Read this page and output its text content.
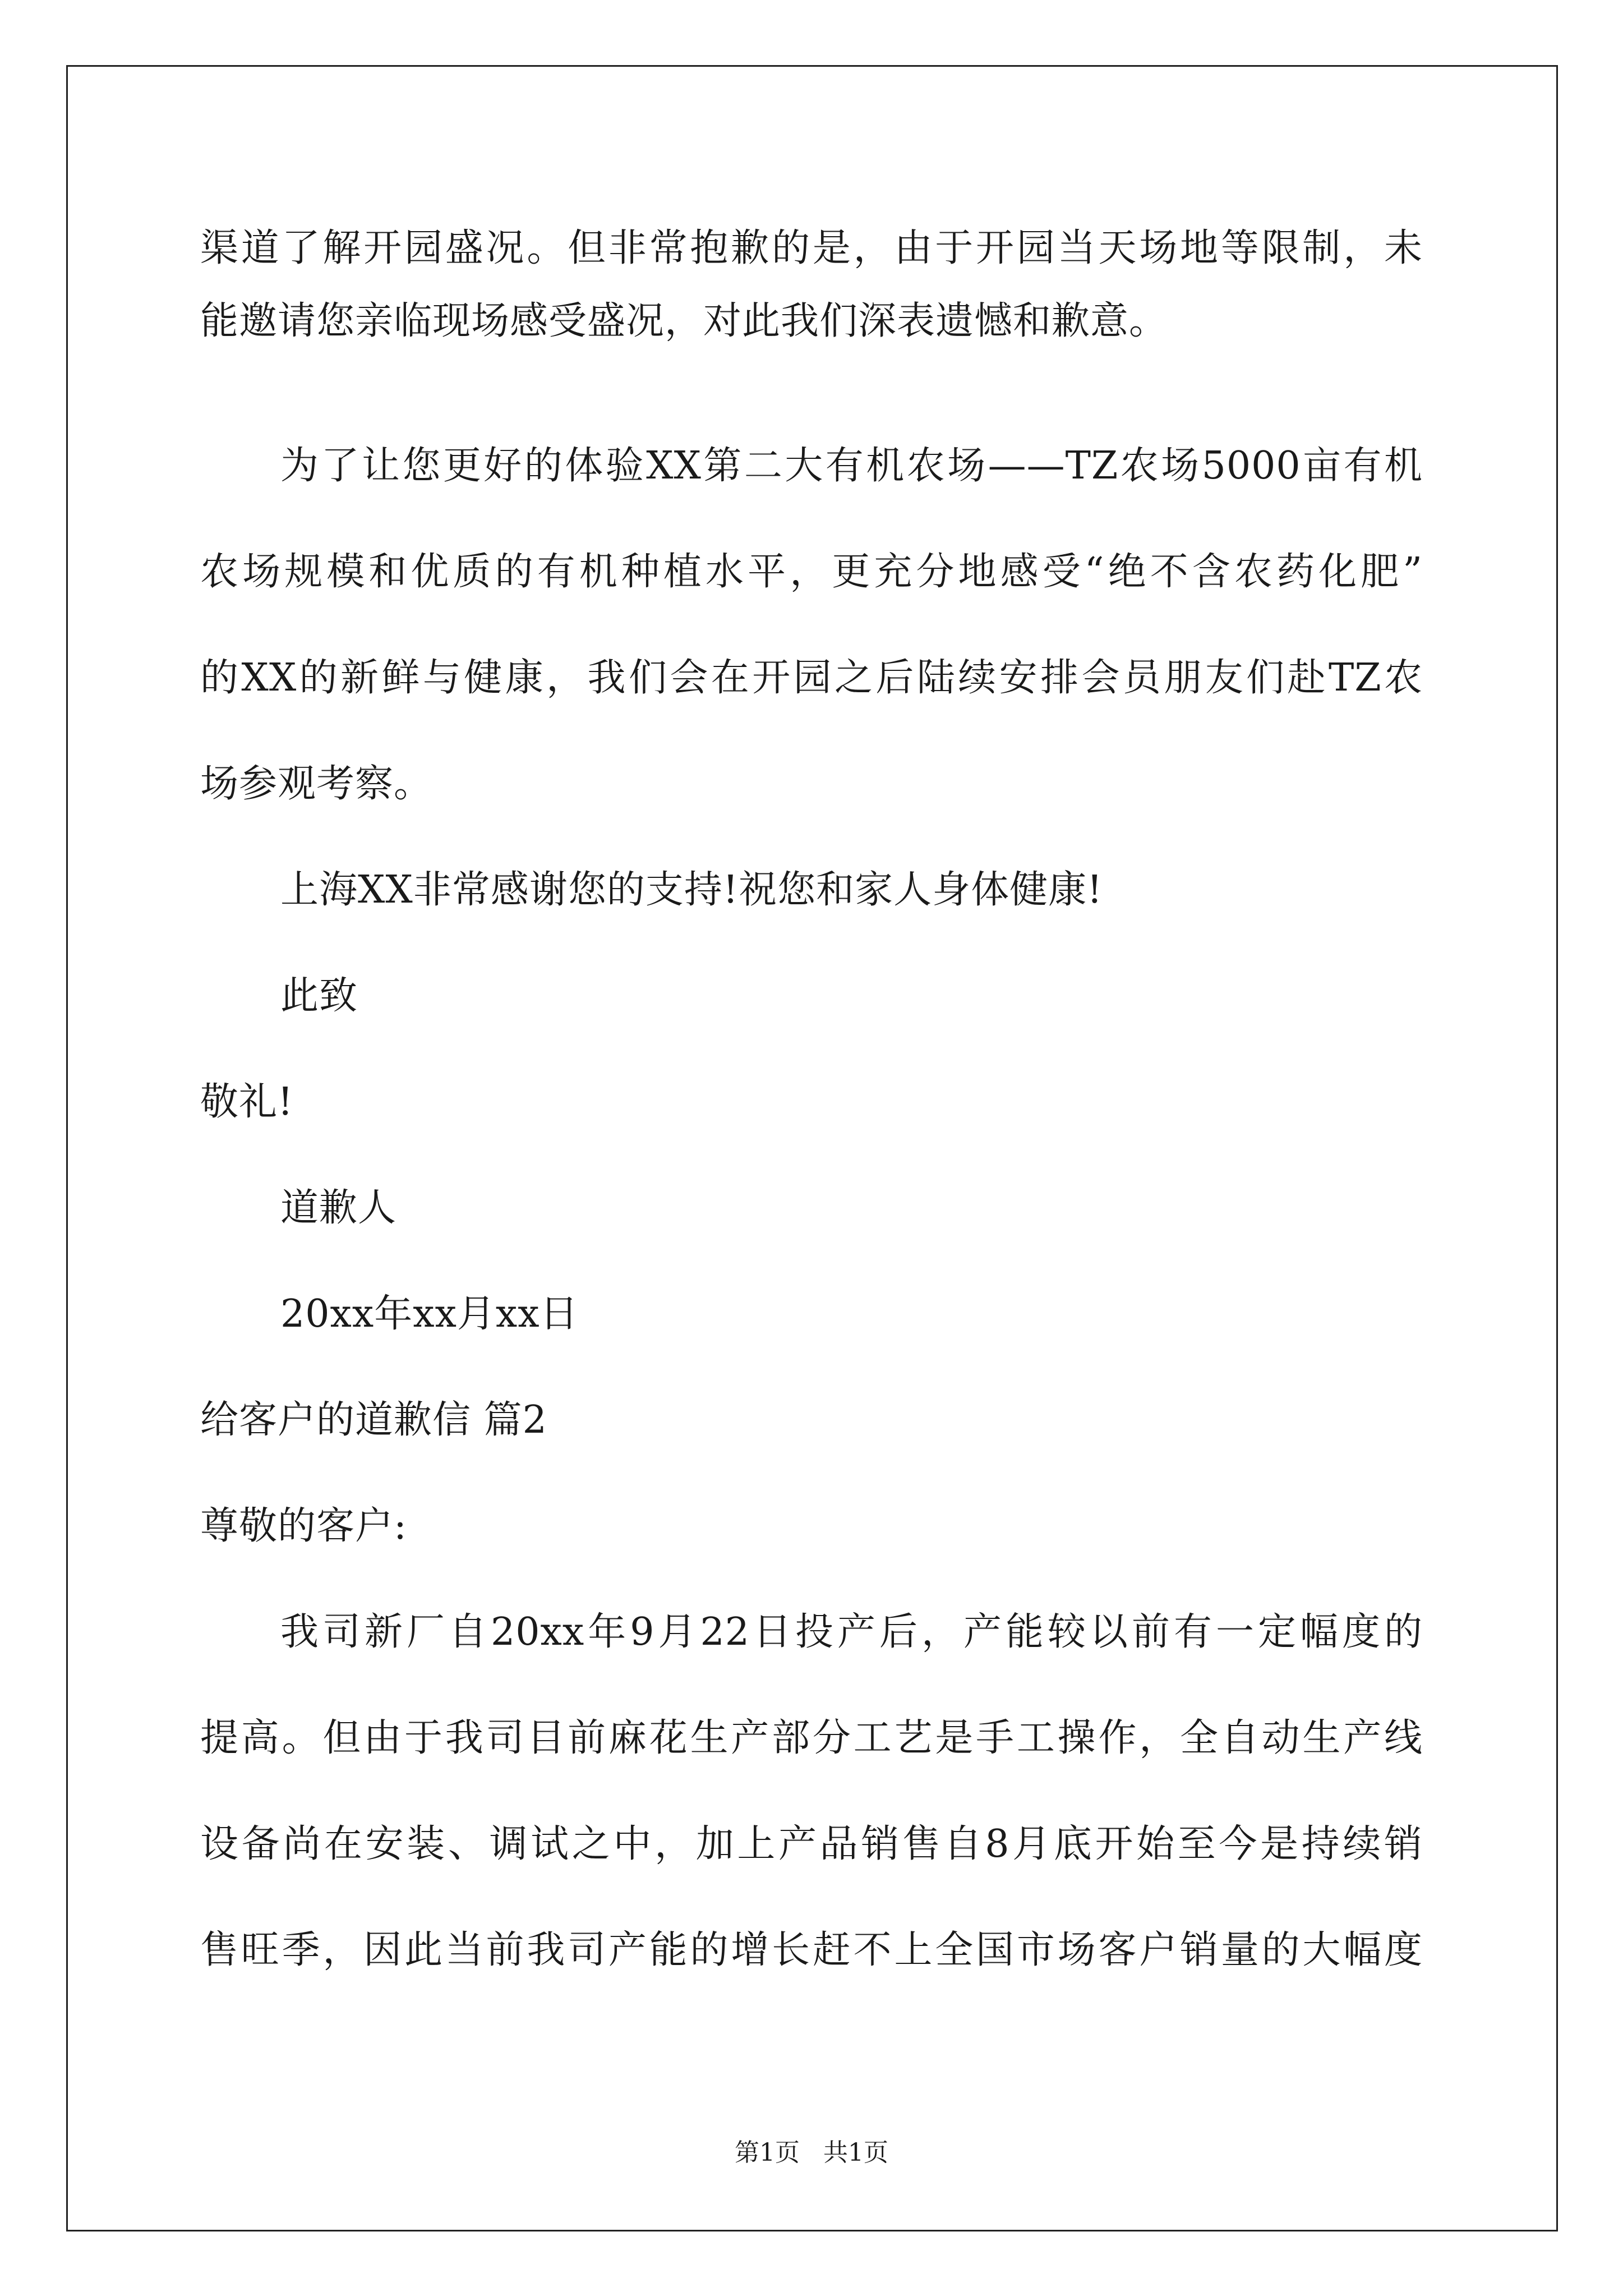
渠道了解开园盛况。但非常抱歉的是，由于开园当天场地等限制，未
能邀请您亲临现场感受盛况，对此我们深表遗憾和歉意。
为了让您更好的体验XX第二大有机农场——TZ农场5000亩有机
农场规模和优质的有机种植水平，更充分地感受“绝不含农药化肥”
的XX的新鲜与健康，我们会在开园之后陆续安排会员朋友们赴TZ农
场参观考察。
上海XX非常感谢您的支持!祝您和家人身体健康!
此致
敬礼!
道歉人
20xx年xx月xx日
给客户的道歉信 篇2
尊敬的客户:
我司新厂自20xx年9月22日投产后，产能较以前有一定幅度的
提高。但由于我司目前麻花生产部分工艺是手工操作，全自动生产线
设备尚在安装、调试之中，加上产品销售自8月底开始至今是持续销
售旺季，因此当前我司产能的增长赶不上全国市场客户销量的大幅度
第1页   共1页
